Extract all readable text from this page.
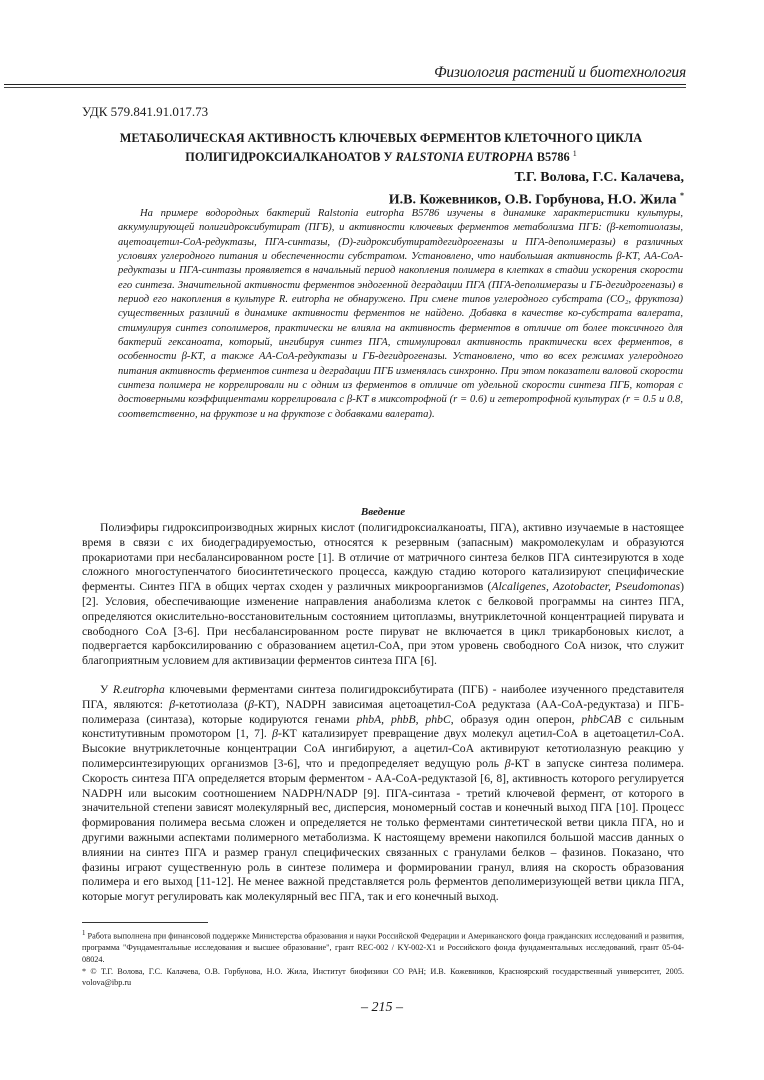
Физиология растений и биотехнология
УДК 579.841.91.017.73
МЕТАБОЛИЧЕСКАЯ АКТИВНОСТЬ КЛЮЧЕВЫХ ФЕРМЕНТОВ КЛЕТОЧНОГО ЦИКЛА
ПОЛИГИДРОКСИАЛКАНОАТОВ У RALSTONIA EUTROPHA B5786 $^1$
Т.Г. Волова, Г.С. Калачева,
И.В. Кожевников, О.В. Горбунова, Н.О. Жила *

На примере водородных бактерий Ralstonia eutropha B5786 изучены в динамике характеристики культуры, аккумулирующей полигидроксибутират (ПГБ), и активности ключевых ферментов метаболизма ПГБ: (β-кетотиолазы, ацетоацетил-CoA-редуктазы, ПГА-синтазы, (D)-гидроксибутиратдегидрогеназы и ПГА-деполимеразы) в различных условиях углеродного питания и обеспеченности субстратом. Установлено, что наибольшая активность β-КТ, АА-CoA-редуктазы и ПГА-синтазы проявляется в начальный период накопления полимера в клетках в стадии ускорения скорости его синтеза. Значительной активности ферментов эндогенной деградации ПГА (ПГА-деполимеразы и ГБ-дегидрогеназы) в период его накопления в культуре R. eutropha не обнаружено. При смене типов углеродного субстрата (CO₂, фруктоза) существенных различий в динамике активности ферментов не найдено. Добавка в качестве ко-субстрата валерата, стимулируя синтез сополимеров, практически не влияла на активность ферментов в отличие от более токсичного для бактерий гексаноата, который, ингибируя синтез ПГА, стимулировал активность практически всех ферментов, в особенности β-КТ, а также АА-CoA-редуктазы и ГБ-дегидрогеназы. Установлено, что во всех режимах углеродного питания активность ферментов синтеза и деградации ПГБ изменялась синхронно. При этом показатели валовой скорости синтеза полимера не коррелировали ни с одним из ферментов в отличие от удельной скорости синтеза ПГБ, которая с достоверными коэффициентами коррелировала с β-КТ в миксотрофной (r = 0.6) и гетеротрофной культурах (r = 0.5 и 0.8, соответственно, на фруктозе и на фруктозе с добавками валерата).

Введение

Полиэфиры гидроксипроизводных жирных кислот (полигидроксиалканоаты, ПГА), активно изучаемые в настоящее время в связи с их биодеградируемостью, относятся к резервным (запасным) макромолекулам и образуются прокариотами при несбалансированном росте [1]. В отличие от матричного синтеза белков ПГА синтезируются в ходе сложного многоступенчатого биосинтетического процесса, каждую стадию которого катализируют специфические ферменты. Синтез ПГА в общих чертах сходен у различных микроорганизмов (Alcaligenes, Azotobacter, Pseudomonas) [2]. Условия, обеспечивающие изменение направления анаболизма клеток с белковой программы на синтез ПГА, определяются окислительно-восстановительным состоянием цитоплазмы, внутриклеточной концентрацией пирувата и свободного CoA [3-6]. При несбалансированном росте пируват не включается в цикл трикарбоновых кислот, а подвергается карбоксилированию с образованием ацетил-CoA, при этом уровень свободного CoA низок, что служит благоприятным условием для активизации ферментов синтеза ПГА [6].

У R.eutropha ключевыми ферментами синтеза полигидроксибутирата (ПГБ) - наиболее изученного представителя ПГА, являются: β-кетотиолаза (β-КТ), NADPH зависимая ацетоацетил-CoA редуктаза (АА-CoA-редуктаза) и ПГБ-полимераза (синтаза), которые кодируются генами phbA, phbB, phbC, образуя один оперон, phbCAB с сильным конститутивным промотором [1, 7]. β-КТ катализирует превращение двух молекул ацетил-CoA в ацетоацетил-CoA. Высокие внутриклеточные концентрации CoA ингибируют, а ацетил-CoA активируют кетотиолазную реакцию у полимерсинтезирующих организмов [3-6], что и предопределяет ведущую роль β-КТ в запуске синтеза полимера. Скорость синтеза ПГА определяется вторым ферментом - АА-CoA-редуктазой [6, 8], активность которого регулируется NADPH или высоким соотношением NADPH/NADP [9]. ПГА-синтаза - третий ключевой фермент, от которого в значительной степени зависят молекулярный вес, дисперсия, мономерный состав и конечный выход ПГА [10]. Процесс формирования полимера весьма сложен и определяется не только ферментами синтетической ветви цикла ПГА, но и другими важными аспектами полимерного метаболизма. К настоящему времени накопился большой массив данных о влиянии на синтез ПГА и размер гранул специфических связанных с гранулами белков – фазинов. Показано, что фазины играют существенную роль в синтезе полимера и формировании гранул, влияя на скорость образования полимера и его выход [11-12]. Не менее важной представляется роль ферментов деполимеризующей ветви цикла ПГА, которые могут регулировать как молекулярный вес ПГА, так и его конечный выход.

$^1$ Работа выполнена при финансовой поддержке Министерства образования и науки Российской Федерации и Американского фонда гражданских исследований и развития, программа "Фундаментальные исследования и высшее образование", грант REC-002 / KY-002-X1 и Российского фонда фундаментальных исследований, грант 05-04-08024.

* © Т.Г. Волова, Г.С. Калачева, О.В. Горбунова, Н.О. Жила, Институт биофизики СО РАН; И.В. Кожевников, Красноярский государственный университет, 2005. volova@ibp.ru

– 215 –
